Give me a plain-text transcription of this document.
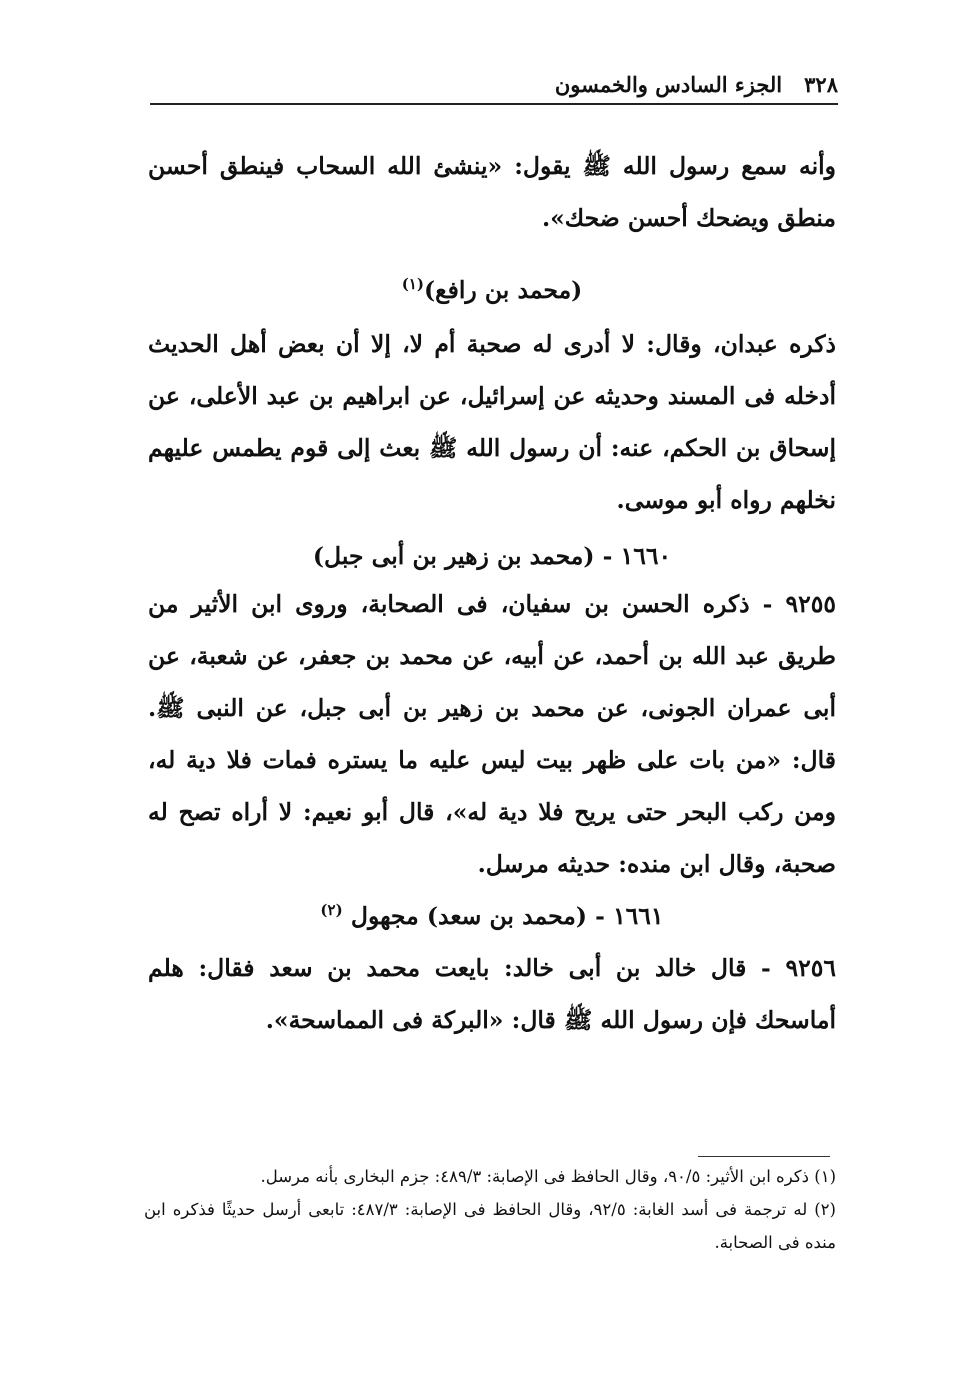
٣٢٨
الجزء السادس والخمسون

وأنه سمع رسول الله ﷺ يقول: «ينشئ الله السحاب فينطق أحسن منطق ويضحك أحسن ضحك».

(محمد بن رافع)$^{(١)}$

ذكره عبدان، وقال: لا أدرى له صحبة أم لا، إلا أن بعض أهل الحديث أدخله فى المسند وحديثه عن إسرائيل، عن ابراهيم بن عبد الأعلى، عن إسحاق بن الحكم، عنه: أن رسول الله ﷺ بعث إلى قوم يطمس عليهم نخلهم رواه أبو موسى.

١٦٦٠ - (محمد بن زهير بن أبى جبل)

٩٢٥٥ - ذكره الحسن بن سفيان، فى الصحابة، وروى ابن الأثير من طريق عبد الله بن أحمد، عن أبيه، عن محمد بن جعفر، عن شعبة، عن أبى عمران الجونى، عن محمد بن زهير بن أبى جبل، عن النبى ﷺ. قال: «من بات على ظهر بيت ليس عليه ما يستره فمات فلا دية له، ومن ركب البحر حتى يريح فلا دية له»، قال أبو نعيم: لا أراه تصح له صحبة، وقال ابن منده: حديثه مرسل.

١٦٦١ - (محمد بن سعد) مجهول $^{(٢)}$

٩٢٥٦ - قال خالد بن أبى خالد: بايعت محمد بن سعد فقال: هلم أماسحك فإن رسول الله ﷺ قال: «البركة فى المماسحة».

(١) ذكره ابن الأثير: ٩٠/٥، وقال الحافظ فى الإصابة: ٤٨٩/٣: جزم البخارى بأنه مرسل.

(٢) له ترجمة فى أسد الغابة: ٩٢/٥، وقال الحافظ فى الإصابة: ٤٨٧/٣: تابعى أرسل حديثًا فذكره ابن منده فى الصحابة.
